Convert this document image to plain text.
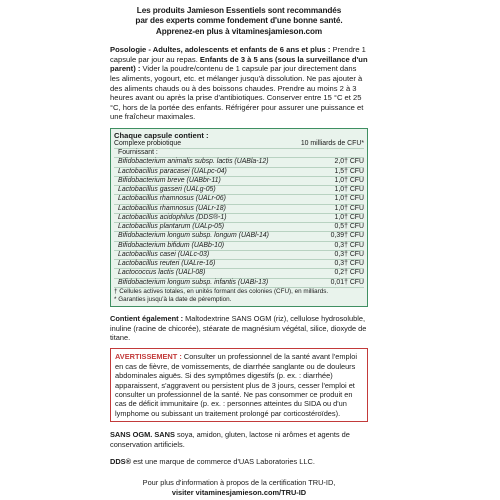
Les produits Jamieson Essentiels sont recommandés
par des experts comme fondement d'une bonne santé.
Apprenez-en plus à vitaminesjamieson.com
Posologie - Adultes, adolescents et enfants de 6 ans et plus : Prendre 1 capsule par jour au repas. Enfants de 3 à 5 ans (sous la surveillance d'un parent) : Vider la poudre/contenu de 1 capsule par jour directement dans les aliments, yogourt, etc. et mélanger jusqu'à dissolution. Ne pas ajouter à des aliments chauds ou à des boissons chaudes. Prendre au moins 2 à 3 heures avant ou après la prise d'antibiotiques. Conserver entre 15 °C et 25 °C, hors de la portée des enfants. Réfrigérer pour assurer une puissance et une fraîcheur maximales.
Chaque capsule contient :
Complexe probiotique	10 milliards de CFU*
Fournissant :
Bifidobacterium animalis subsp. lactis (UABla-12)	2,0† CFU
Lactobacillus paracasei (UALpc-04)	1,5† CFU
Bifidobacterium breve (UABbr-11)	1,0† CFU
Lactobacillus gasseri (UALg-05)	1,0† CFU
Lactobacillus rhamnosus (UALr-06)	1,0† CFU
Lactobacillus rhamnosus (UALr-18)	1,0† CFU
Lactobacillus acidophilus (DDS®-1)	1,0† CFU
Lactobacillus plantarum (UALp-05)	0,5† CFU
Bifidobacterium longum subsp. longum (UABl-14)	0,39† CFU
Bifidobacterium bifidum (UABb-10)	0,3† CFU
Lactobacillus casei (UALc-03)	0,3† CFU
Lactobacillus reuteri (UALre-16)	0,3† CFU
Lactococcus lactis (UALl-08)	0,2† CFU
Bifidobacterium longum subsp. infantis (UABi-13)	0,01† CFU
† Cellules actives totales, en unités formant des colonies (CFU), en milliards.
* Garanties jusqu'à la date de péremption.
Contient également : Maltodextrine SANS OGM (riz), cellulose hydrosoluble, inuline (racine de chicorée), stéarate de magnésium végétal, silice, dioxyde de titane.
AVERTISSEMENT : Consulter un professionnel de la santé avant l'emploi en cas de fièvre, de vomissements, de diarrhée sanglante ou de douleurs abdominales aiguës. Si des symptômes digestifs (p. ex. : diarrhée) apparaissent, s'aggravent ou persistent plus de 3 jours, cesser l'emploi et consulter un professionnel de la santé. Ne pas consommer ce produit en cas de déficit immunitaire (p. ex. : personnes atteintes du SIDA ou d'un lymphome ou subissant un traitement prolongé par corticostéroïdes).
SANS OGM. SANS soya, amidon, gluten, lactose ni arômes et agents de conservation artificiels.
DDS® est une marque de commerce d'UAS Laboratories LLC.
Pour plus d'information à propos de la certification TRU-ID,
visiter vitaminesjamieson.com/TRU-ID
